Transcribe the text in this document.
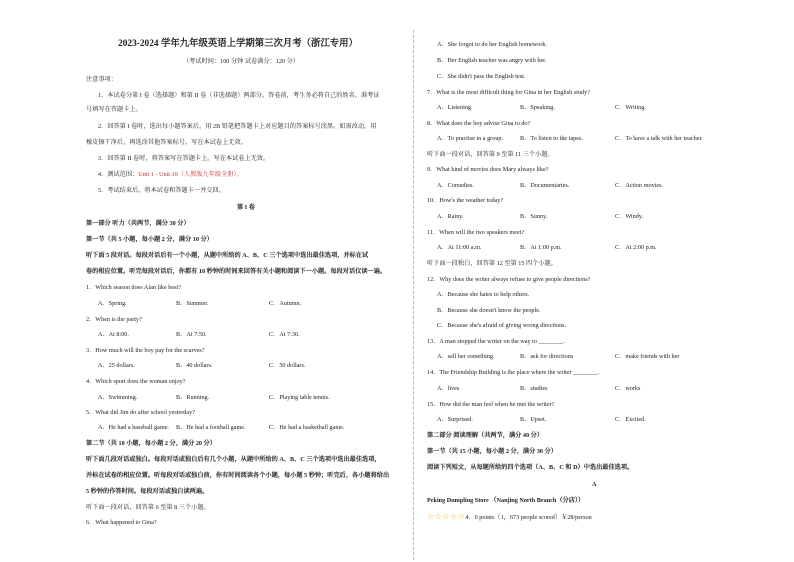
2023-2024 学年九年级英语上学期第三次月考（浙江专用）
（考试时间：100 分钟 试卷满分：120 分）
注意事项：
1．本试卷分第 I 卷（选择题）和第 II 卷（非选择题）两部分。答卷前，考生务必将自己的姓名、准考证
号填写在答题卡上。
2．回答第 I 卷时，选出每小题答案后，用 2B 铅笔把答题卡上对应题目的答案标号涂黑。如需改动，用
橡皮擦干净后，再选涂其他答案标号。写在本试卷上无效。
3．回答第 II 卷时，将答案写在答题卡上。写在本试卷上无效。
4．测试范围：Unit 1 - Unit 10（人教版九年级全册）。
5．考试结束后，将本试卷和答题卡一并交回。
第 I 卷
第一部分 听力（共两节，满分 30 分）
第一节（共 5 小题，每小题 2 分，满分 10 分）
听下面 5 段对话。每段对话后有一个小题，从题中所给的 A、B、C 三个选项中选出最佳选项，并标在试
卷的相应位置。听完每段对话后，你都有 10 秒钟的时间来回答有关小题和阅读下一小题。每段对话仅读一遍。
1．Which season does Alan like best?
A．Spring.	B．Summer.	C．Autumn.
2．When is the party?
A．At 8:00.	B．At 7:50.	C．At 7:30.
3．How much will the boy pay for the scarves?
A．25 dollars.	B．40 dollars.	C．50 dollars.
4．Which sport does the woman enjoy?
A．Swimming.	B．Running.	C．Playing table tennis.
5．What did Jim do after school yesterday?
A．He had a baseball game. B．He had a football game.	C．He had a basketball game.
第二节（共 10 小题，每小题 2 分，满分 20 分）
听下面几段对话或独白。每段对话或独白后有几个小题，从题中所给的 A、B、C 三个选项中选出最佳选项，
并标在试卷的相应位置。听每段对话或独白前，你有时间阅读各个小题，每小题 5 秒钟；听完后，各小题将给出
5 秒钟的作答时间。每段对话或独白读两遍。
听下面一段对话，回答第 6 至第 8 三个小题。
6．What happened to Gina?
A．She forgot to do her English homework.
B．Her English teacher was angry with her.
C．She didn't pass the English test.
7．What is the most difficult thing for Gina in her English study?
A．Listening.	B．Speaking.	C．Writing.
8．What does the boy advise Gina to do?
A．To practise in a group.	B．To listen to the tapes.	C．To have a talk with her teacher.
听下面一段对话，回答第 9 至第 11 三个小题。
9．What kind of movies does Mary always like?
A．Comedies.	B．Documentaries.	C．Action movies.
10．How's the weather today?
A．Rainy.	B．Sunny.	C．Windy.
11．When will the two speakers meet?
A．At 11:00 a.m.	B．At 1:00 p.m.	C．At 2:00 p.m.
听下面一段独白，回答第 12 至第 15 四个小题。
12．Why does the writer always refuse to give people directions?
A．Because she hates to help others.
B．Because she doesn't know the people.
C．Because she's afraid of giving wrong directions.
13．A man stopped the writer on the way to ________.
A．sell her something	B．ask for directions	C．make friends with her
14．The Friendship Building is the place where the writer ________.
A．lives	B．studies	C．works
15．How did the man feel when he met the writer?
A．Surprised.	B．Upset.	C．Excited.
第二部分 阅读理解（共两节，满分 40 分）
第一节（共 15 小题，每小题 2 分，满分 30 分）
阅读下列短文，从每题所给的四个选项（A、B、C 和 D）中选出最佳选项。
A
Peking Dumpling Store （Nanjing North Branch（分店））
☆☆☆☆☆4．0 points（1，673 people scored）￥28/person
